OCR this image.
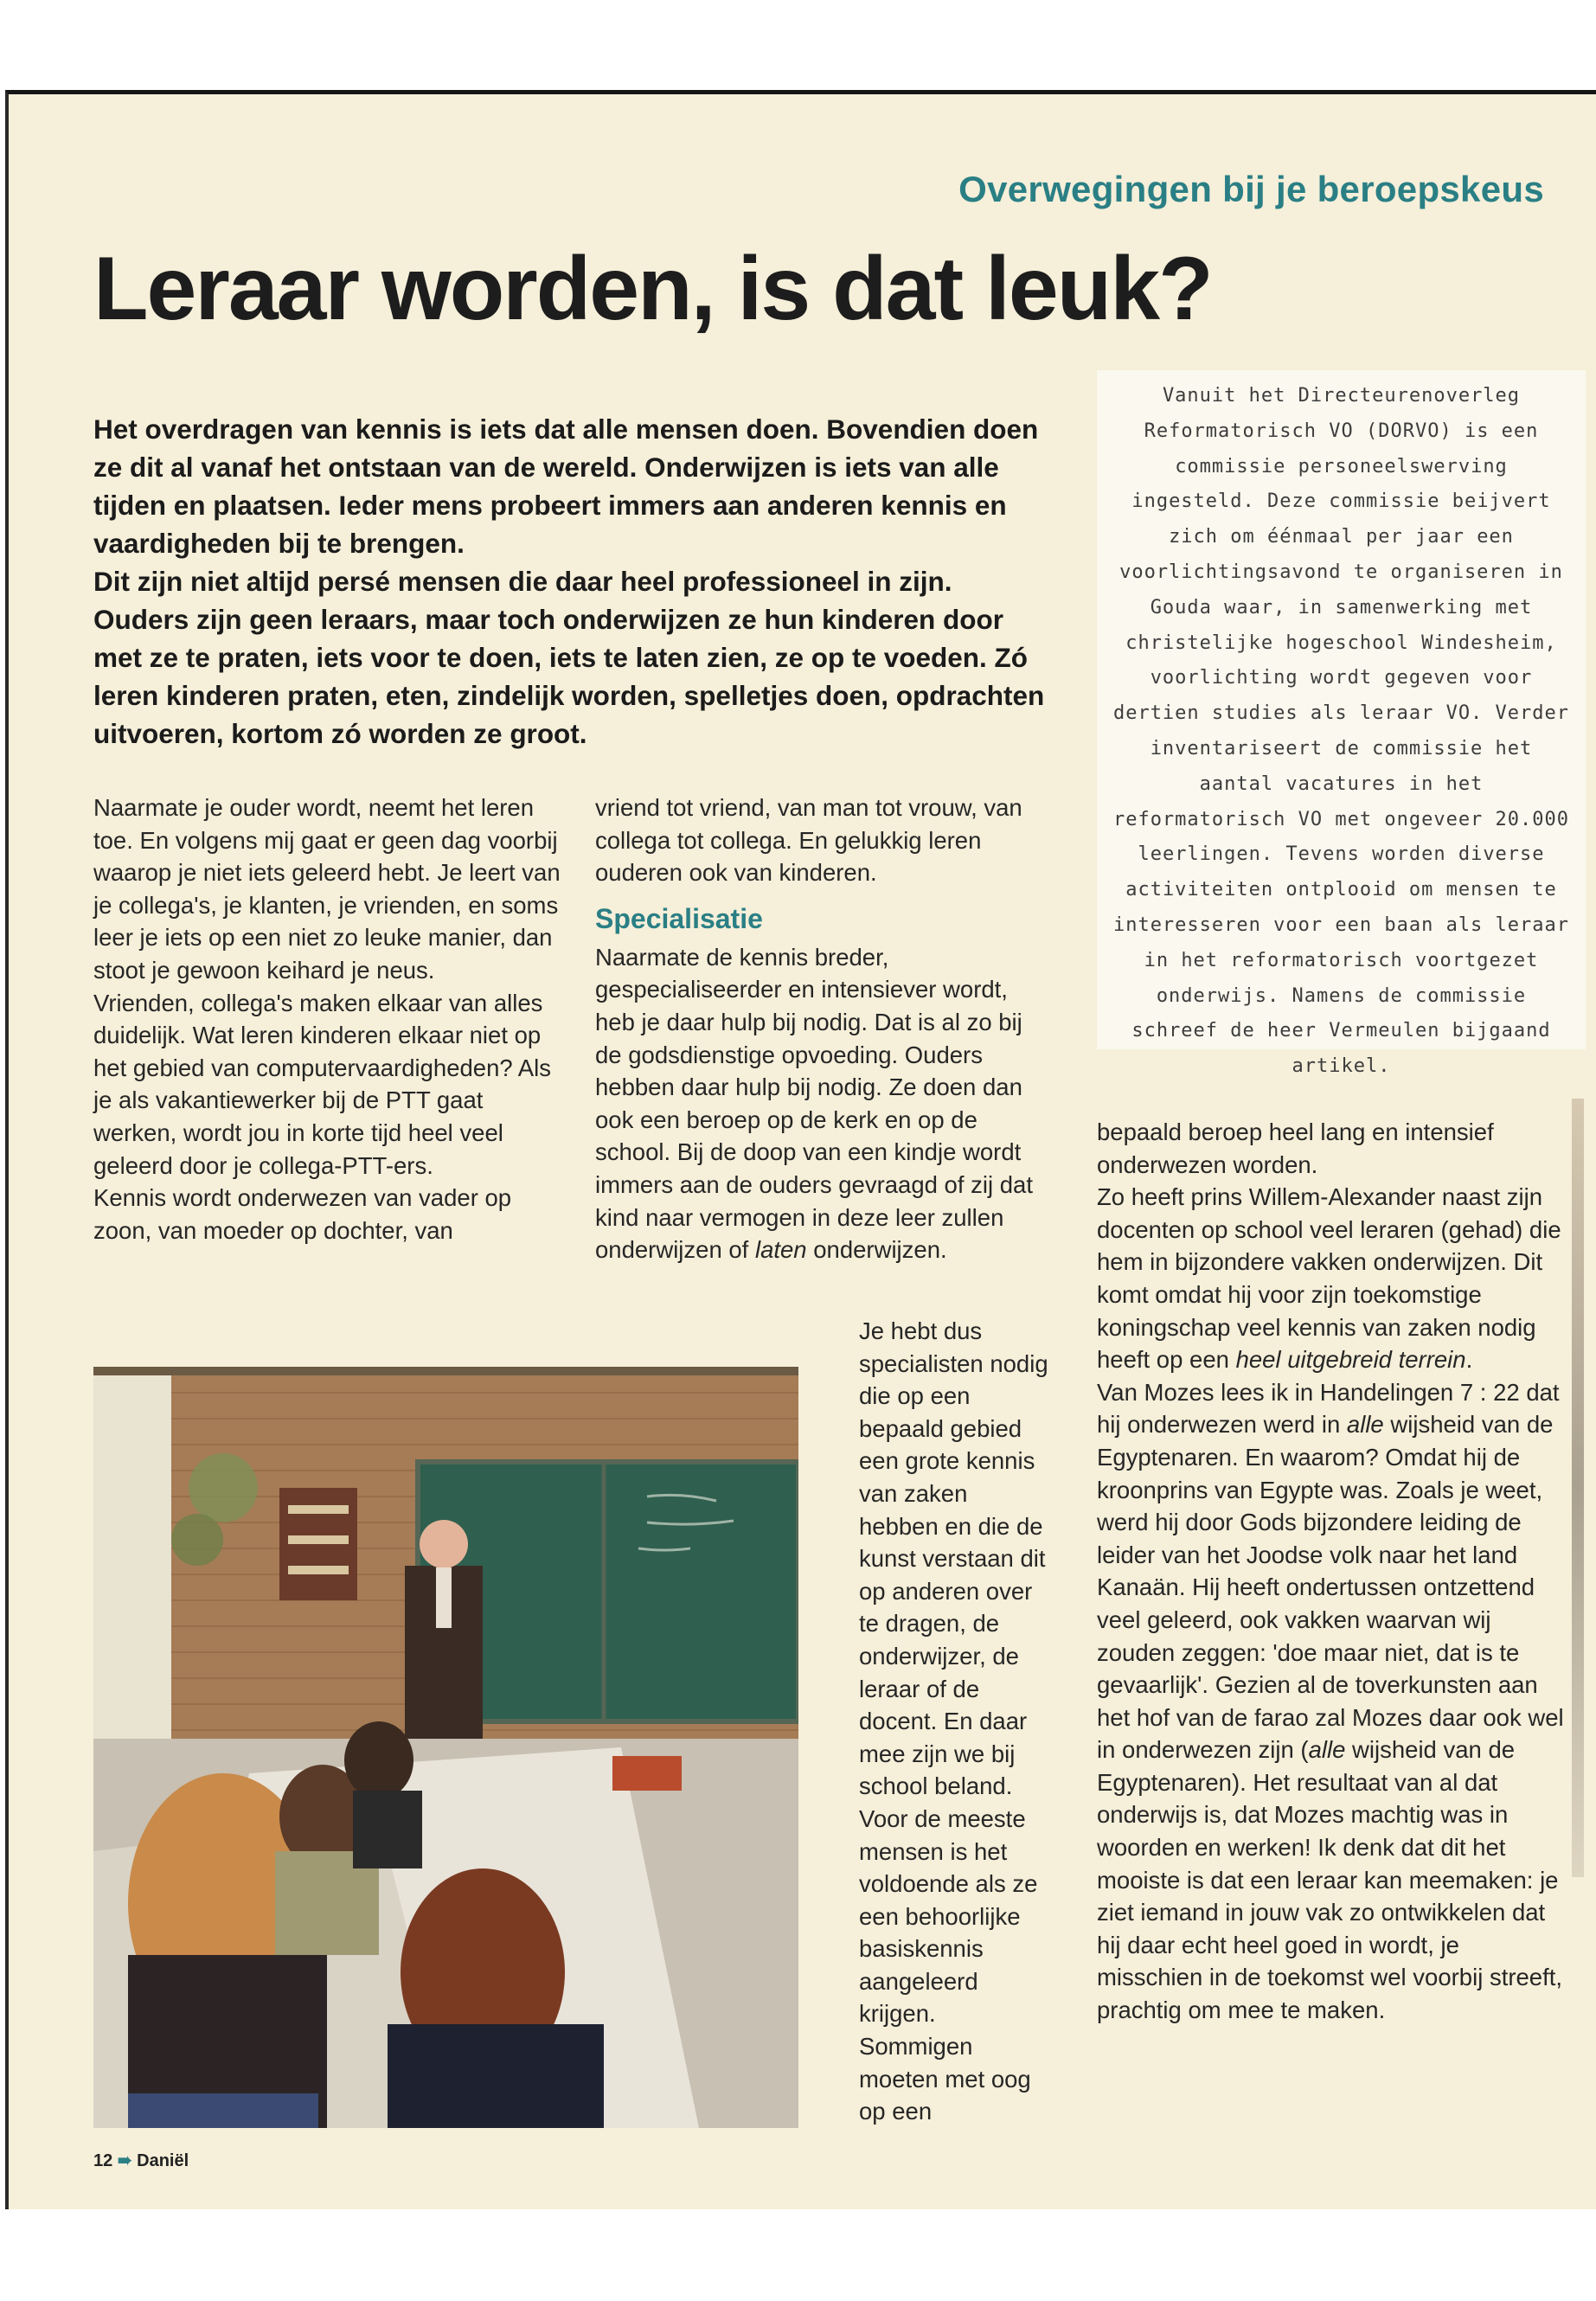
Overwegingen bij je beroepskeus
Leraar worden, is dat leuk?

Het overdragen van kennis is iets dat alle mensen doen. Bovendien doen ze dit al vanaf het ontstaan van de wereld. Onderwijzen is iets van alle tijden en plaatsen. Ieder mens probeert immers aan anderen kennis en vaardigheden bij te brengen.

Dit zijn niet altijd persé mensen die daar heel professioneel in zijn. Ouders zijn geen leraars, maar toch onderwijzen ze hun kinderen door met ze te praten, iets voor te doen, iets te laten zien, ze op te voeden. Zó leren kinderen praten, eten, zindelijk worden, spelletjes doen, opdrachten uitvoeren, kortom zó worden ze groot.

Vanuit het Directeurenoverleg Reformatorisch VO (DORVO) is een commissie personeelswerving ingesteld. Deze commissie beijvert zich om éénmaal per jaar een voorlichtingsavond te organiseren in Gouda waar, in samenwerking met christelijke hogeschool Windesheim, voorlichting wordt gegeven voor dertien studies als leraar VO. Verder inventariseert de commissie het aantal vacatures in het reformatorisch VO met ongeveer 20.000 leerlingen. Tevens worden diverse activiteiten ontplooid om mensen te interesseren voor een baan als leraar in het reformatorisch voortgezet onderwijs. Namens de commissie schreef de heer Vermeulen bijgaand artikel.

Naarmate je ouder wordt, neemt het leren toe. En volgens mij gaat er geen dag voorbij waarop je niet iets geleerd hebt. Je leert van je collega's, je klanten, je vrienden, en soms leer je iets op een niet zo leuke manier, dan stoot je gewoon keihard je neus.

Vrienden, collega's maken elkaar van alles duidelijk. Wat leren kinderen elkaar niet op het gebied van computervaardigheden? Als je als vakantiewerker bij de PTT gaat werken, wordt jou in korte tijd heel veel geleerd door je collega-PTT-ers.

Kennis wordt onderwezen van vader op zoon, van moeder op dochter, van

vriend tot vriend, van man tot vrouw, van collega tot collega. En gelukkig leren ouderen ook van kinderen.

Specialisatie

Naarmate de kennis breder, gespecialiseerder en intensiever wordt, heb je daar hulp bij nodig. Dat is al zo bij de godsdienstige opvoeding. Ouders hebben daar hulp bij nodig. Ze doen dan ook een beroep op de kerk en op de school. Bij de doop van een kindje wordt immers aan de ouders gevraagd of zij dat kind naar vermogen in deze leer zullen onderwijzen of laten onderwijzen.

Je hebt dus specialisten nodig die op een bepaald gebied een grote kennis van zaken hebben en die de kunst verstaan dit op anderen over te dragen, de onderwijzer, de leraar of de docent. En daar mee zijn we bij school beland. Voor de meeste mensen is het voldoende als ze een behoorlijke basiskennis aangeleerd krijgen. Sommigen moeten met oog op een

bepaald beroep heel lang en intensief onderwezen worden.

Zo heeft prins Willem-Alexander naast zijn docenten op school veel leraren (gehad) die hem in bijzondere vakken onderwijzen. Dit komt omdat hij voor zijn toekomstige koningschap veel kennis van zaken nodig heeft op een heel uitgebreid terrein.

Van Mozes lees ik in Handelingen 7 : 22 dat hij onderwezen werd in alle wijsheid van de Egyptenaren. En waarom? Omdat hij de kroonprins van Egypte was. Zoals je weet, werd hij door Gods bijzondere leiding de leider van het Joodse volk naar het land Kanaän. Hij heeft ondertussen ontzettend veel geleerd, ook vakken waarvan wij zouden zeggen: 'doe maar niet, dat is te gevaarlijk'. Gezien al de toverkunsten aan het hof van de farao zal Mozes daar ook wel in onderwezen zijn (alle wijsheid van de Egyptenaren). Het resultaat van al dat onderwijs is, dat Mozes machtig was in woorden en werken! Ik denk dat dit het mooiste is dat een leraar kan meemaken: je ziet iemand in jouw vak zo ontwikkelen dat hij daar echt heel goed in wordt, je misschien in de toekomst wel voorbij streeft, prachtig om mee te maken.

12 ➠ Daniël
